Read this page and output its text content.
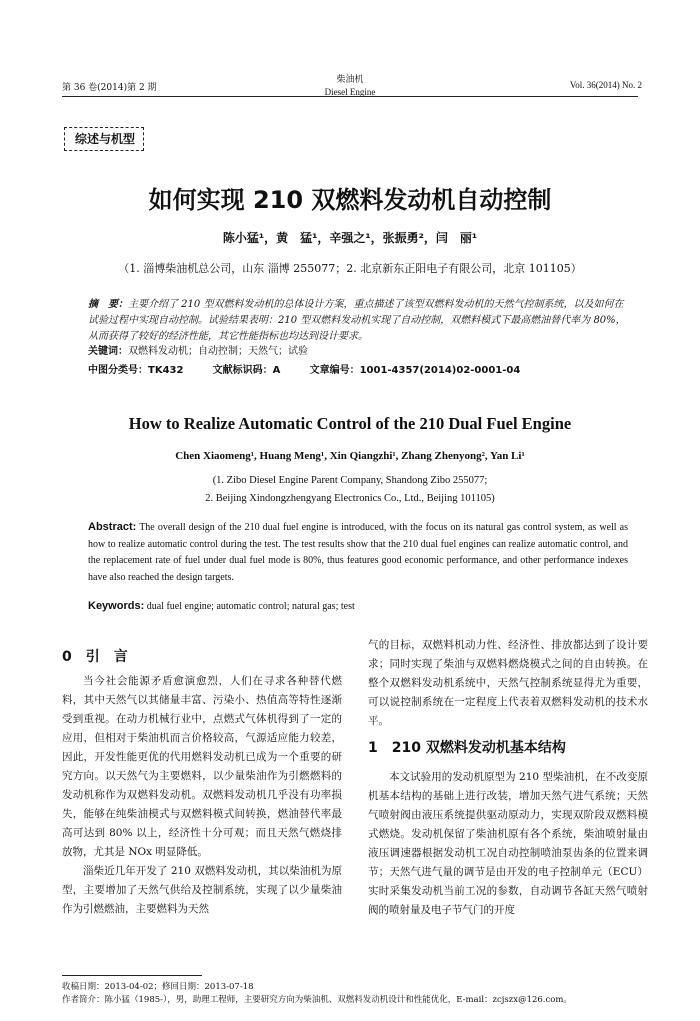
第 36 卷(2014)第 2 期
柴油机
Diesel Engine
Vol. 36(2014) No. 2
综述与机型
如何实现 210 双燃料发动机自动控制
陈小猛¹，黄　猛¹，辛强之¹，张振勇²，闫　丽¹
（1. 淄博柴油机总公司，山东 淄博 255077；2. 北京新东正阳电子有限公司，北京 101105）
摘　要：主要介绍了 210 型双燃料发动机的总体设计方案，重点描述了该型双燃料发动机的天然气控制系统，以及如何在试验过程中实现自动控制。试验结果表明：210 型双燃料发动机实现了自动控制，双燃料模式下最高燃油替代率为 80%，从而获得了较好的经济性能，其它性能指标也均达到设计要求。
关键词：双燃料发动机；自动控制；天然气；试验
中图分类号：TK432	文献标识码：A	文章编号：1001-4357(2014)02-0001-04
How to Realize Automatic Control of the 210 Dual Fuel Engine
Chen Xiaomeng¹, Huang Meng¹, Xin Qiangzhi¹, Zhang Zhenyong², Yan Li¹
(1. Zibo Diesel Engine Parent Company, Shandong Zibo 255077;
2. Beijing Xindongzhengyang Electronics Co., Ltd., Beijing 101105)
Abstract: The overall design of the 210 dual fuel engine is introduced, with the focus on its natural gas control system, as well as how to realize automatic control during the test. The test results show that the 210 dual fuel engines can realize automatic control, and the replacement rate of fuel under dual fuel mode is 80%, thus features good economic performance, and other performance indexes have also reached the design targets.
Keywords: dual fuel engine; automatic control; natural gas; test
0　引　言

当今社会能源矛盾愈演愈烈，人们在寻求各种替代燃料，其中天然气以其储量丰富、污染小、热值高等特性逐渐受到重视。在动力机械行业中，点燃式气体机得到了一定的应用，但相对于柴油机而言价格较高，气源适应能力较差，因此，开发性能更优的代用燃料发动机已成为一个重要的研究方向。以天然气为主要燃料，以少量柴油作为引燃燃料的发动机称作为双燃料发动机。双燃料发动机几乎没有功率损失，能够在纯柴油模式与双燃料模式间转换，燃油替代率最高可达到 80% 以上，经济性十分可观；而且天然气燃烧排放物，尤其是 NOx 明显降低。

淄柴近几年开发了 210 双燃料发动机，其以柴油机为原型，主要增加了天然气供给及控制系统，实现了以少量柴油作为引燃燃油，主要燃料为天然

气的目标，双燃料机动力性、经济性、排放都达到了设计要求；同时实现了柴油与双燃料燃烧模式之间的自由转换。在整个双燃料发动机系统中，天然气控制系统显得尤为重要，可以说控制系统在一定程度上代表着双燃料发动机的技术水平。

1　210 双燃料发动机基本结构

本文试验用的发动机原型为 210 型柴油机，在不改变原机基本结构的基础上进行改装，增加天然气进气系统；天然气喷射阀由液压系统提供驱动原动力，实现双阶段双燃料模式燃烧。发动机保留了柴油机原有各个系统，柴油喷射量由液压调速器根据发动机工况自动控制喷油泵齿条的位置来调节；天然气进气量的调节是由开发的电子控制单元（ECU）实时采集发动机当前工况的参数，自动调节各缸天然气喷射阀的喷射量及电子节气门的开度

收稿日期：2013-04-02；修回日期：2013-07-18
作者简介：陈小猛（1985-），男，助理工程师，主要研究方向为柴油机、双燃料发动机设计和性能优化，E-mail：zcjszx@126.com。
